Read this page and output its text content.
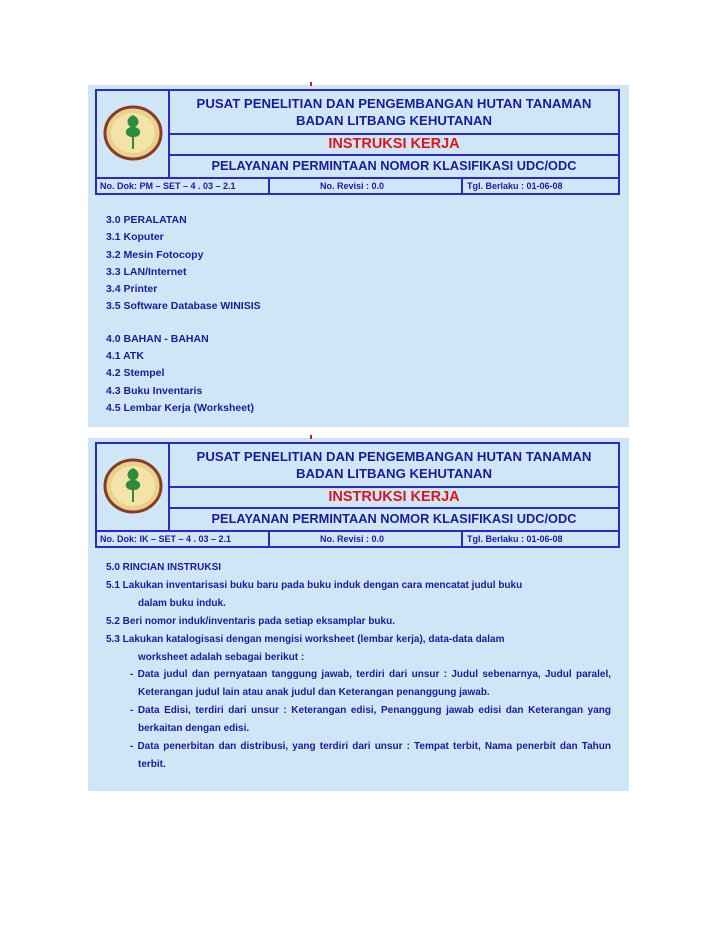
PUSAT PENELITIAN DAN PENGEMBANGAN HUTAN TANAMAN
BADAN LITBANG KEHUTANAN
INSTRUKSI KERJA
PELAYANAN PERMINTAAN NOMOR KLASIFIKASI UDC/ODC
No. Dok: PM – SET – 4 . 03 – 2.1	No. Revisi : 0.0	Tgl. Berlaku : 01-06-08
3.0 PERALATAN
3.1 Koputer
3.2 Mesin Fotocopy
3.3 LAN/Internet
3.4 Printer
3.5 Software Database WINISIS
4.0 BAHAN - BAHAN
4.1 ATK
4.2 Stempel
4.3 Buku Inventaris
4.5 Lembar Kerja (Worksheet)
PUSAT PENELITIAN DAN PENGEMBANGAN HUTAN TANAMAN
BADAN LITBANG KEHUTANAN
INSTRUKSI KERJA
PELAYANAN PERMINTAAN NOMOR KLASIFIKASI UDC/ODC
No. Dok: IK – SET – 4 . 03 – 2.1	No. Revisi : 0.0	Tgl. Berlaku : 01-06-08

5.0 RINCIAN INSTRUKSI

5.1 Lakukan inventarisasi buku baru pada buku induk dengan cara mencatat judul buku

dalam buku induk.

5.2 Beri nomor induk/inventaris pada setiap eksamplar buku.

5.3 Lakukan katalogisasi dengan mengisi worksheet (lembar kerja), data-data dalam

worksheet adalah sebagai berikut :

- Data judul dan pernyataan tanggung jawab, terdiri dari unsur : Judul sebenarnya, Judul paralel, Keterangan judul lain atau anak judul dan Keterangan penanggung jawab.

- Data Edisi, terdiri dari unsur : Keterangan edisi, Penanggung jawab edisi dan Keterangan yang berkaitan dengan edisi.

- Data penerbitan dan distribusi, yang terdiri dari unsur : Tempat terbit, Nama penerbit dan Tahun terbit.
